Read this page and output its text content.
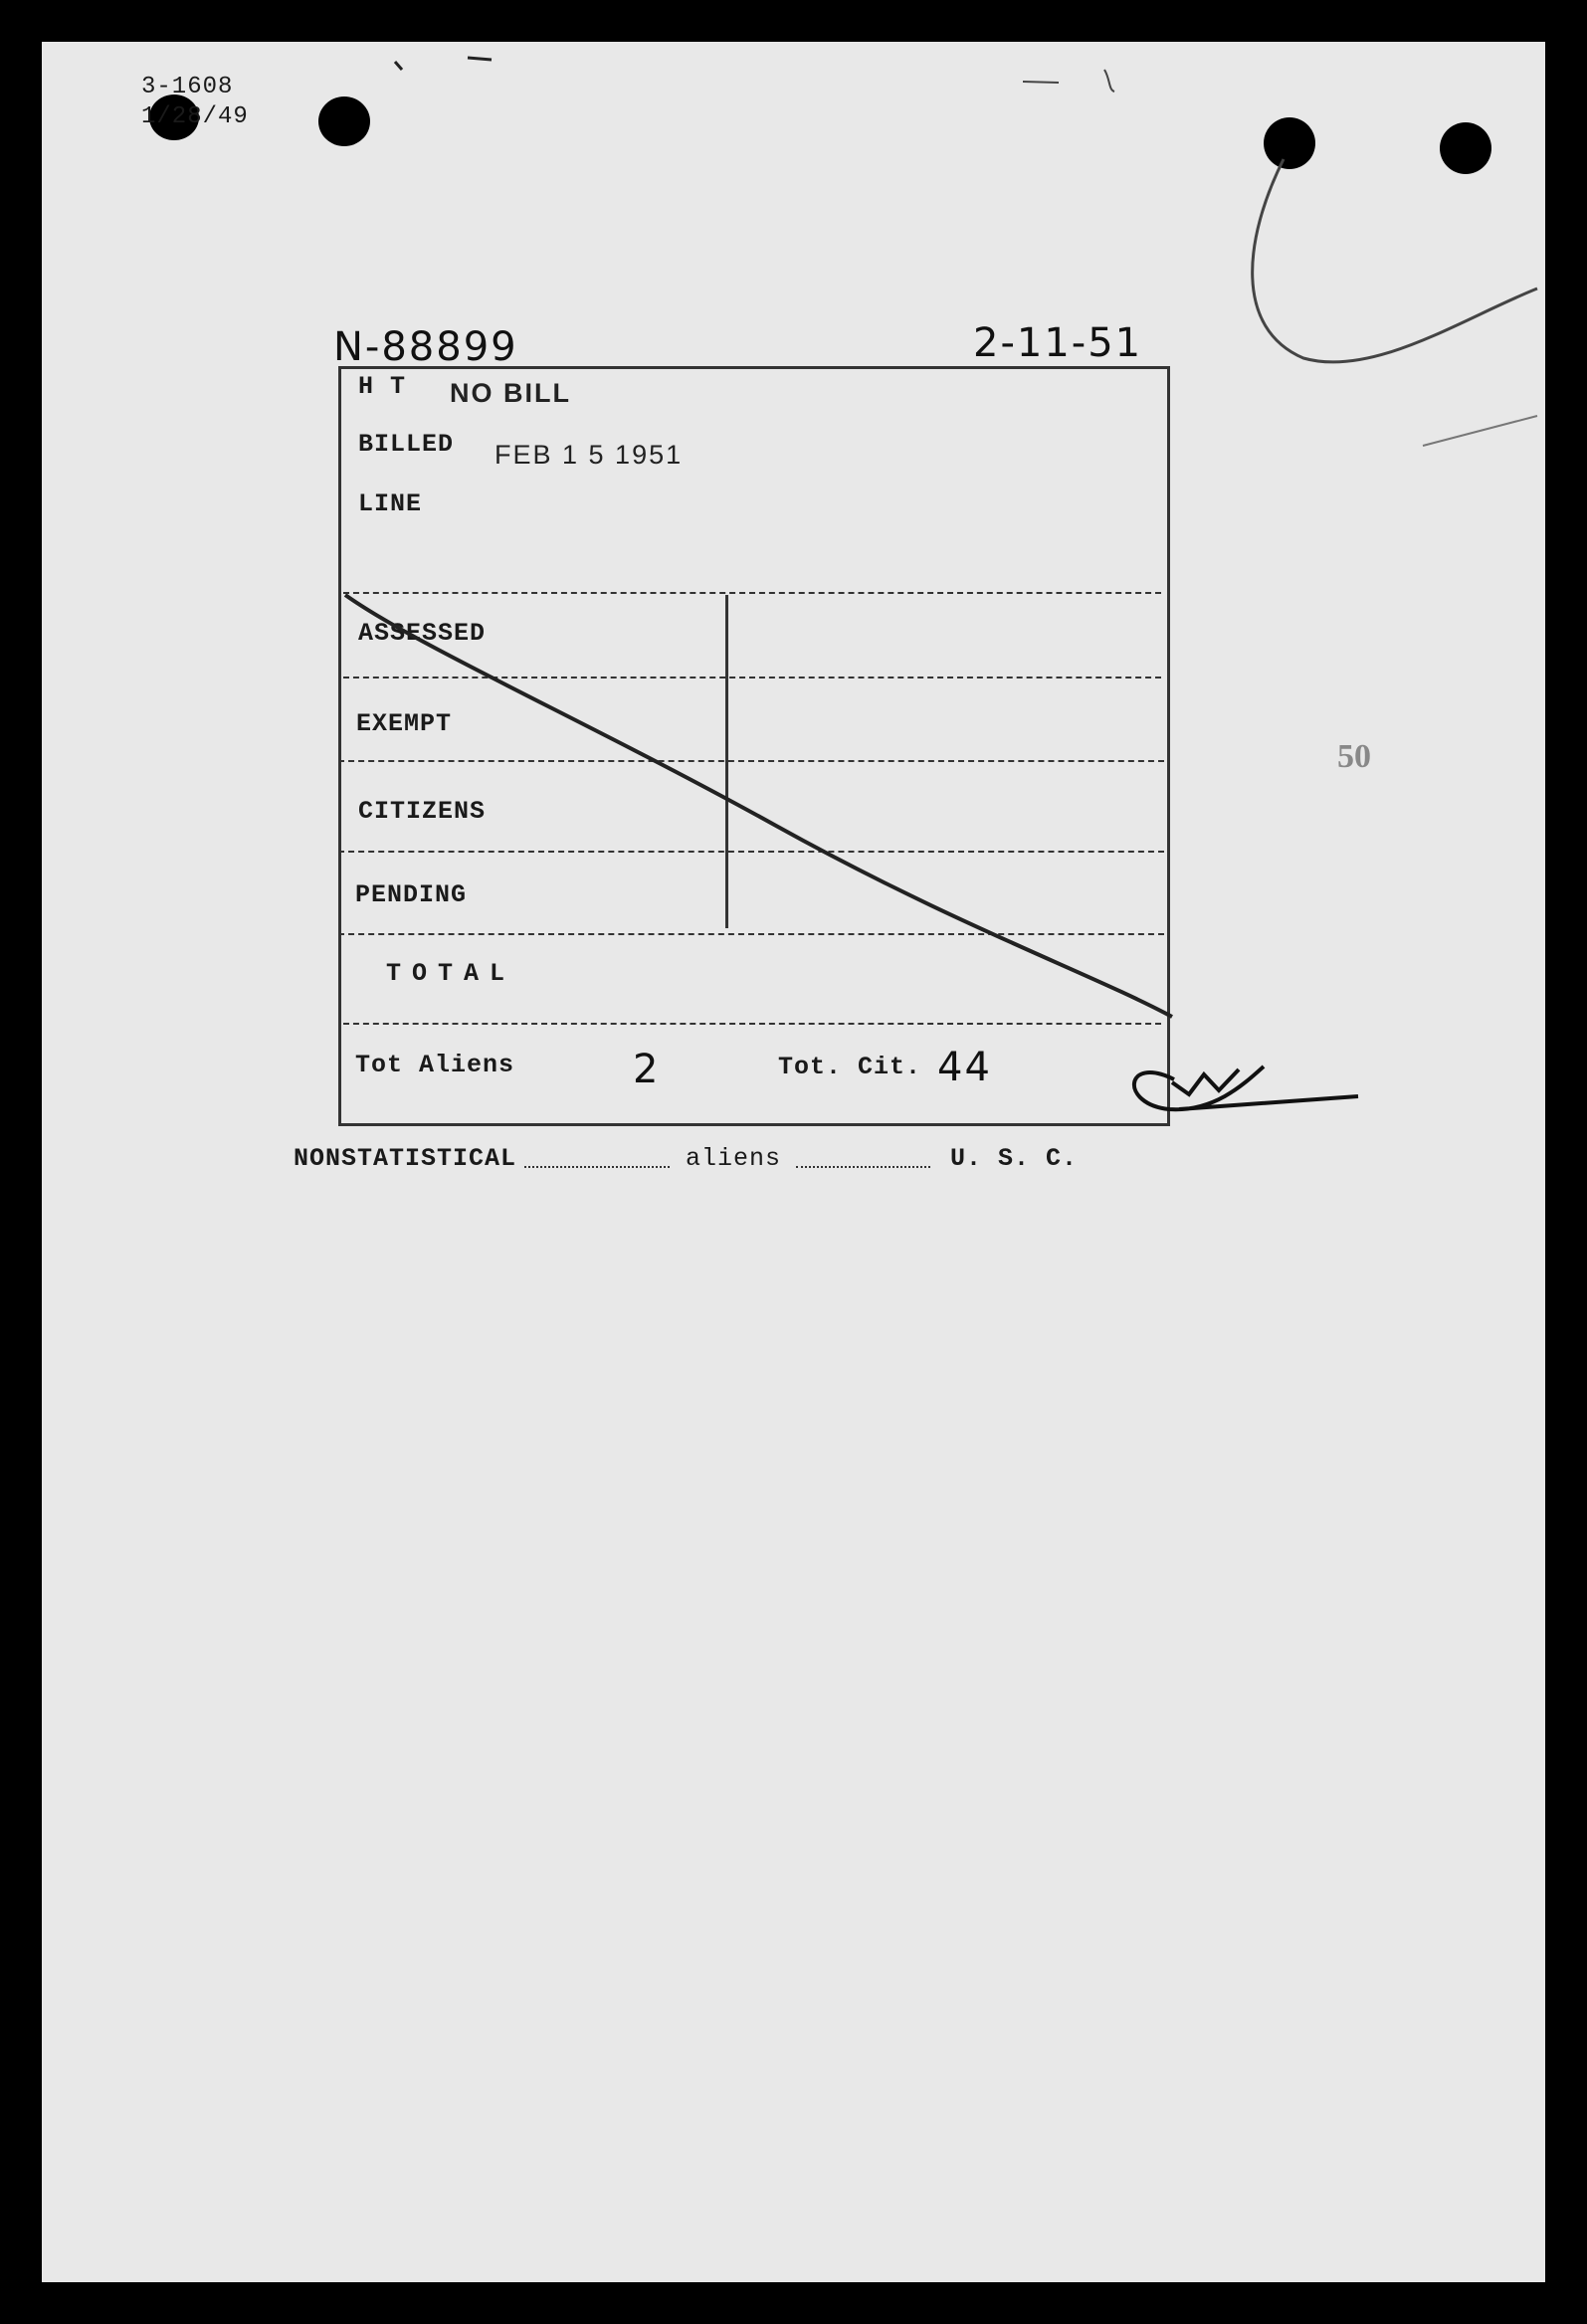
3-1608
1/28/49
N-88899	2-11-51
H T NO BILL
BILLED FEB 1 5 1951
LINE
ASSESSED
EXEMPT
CITIZENS
PENDING
TOTAL
Tot Aliens	2	Tot. Cit. 44
NONSTATISTICAL	aliens	U. S. C.
50
